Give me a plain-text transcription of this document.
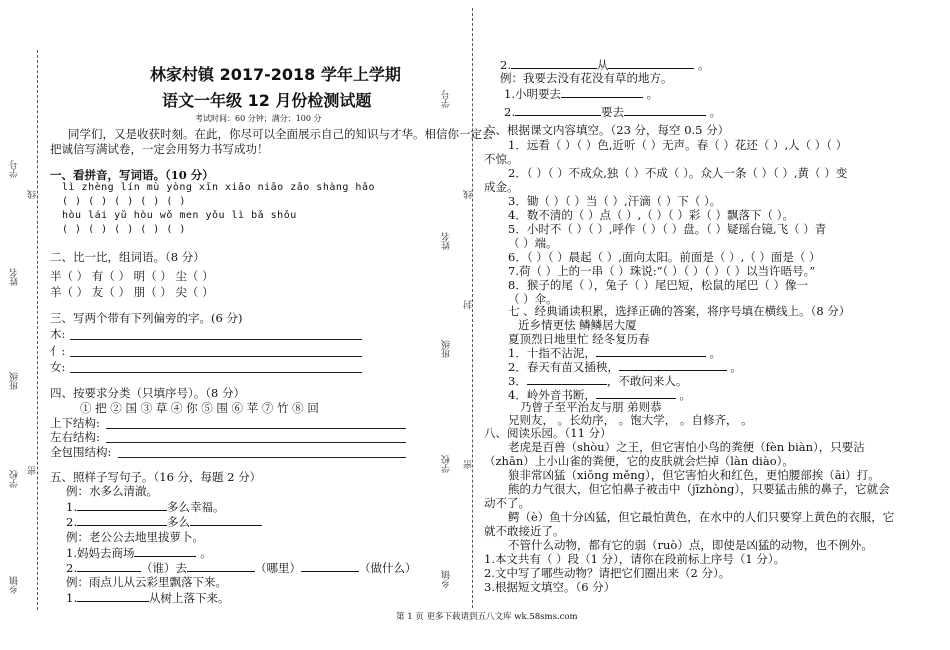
学号
线
姓名
班级
学校 密
乡镇
学号
线
姓名
封
班级
学校
乡镇
密
林家村镇 2017-2018 学年上学期
语文一年级 12 月份检测试题
考试时间：60 分钟；满分：100 分
同学们，又是收获时刻。在此，你尽可以全面展示自己的知识与才华。相信你一定会
把诚信写满试卷，一定会用努力书写成功！
一、看拼音，写词语。（10 分）
lì zhèng lín mù yòng xīn xiǎo niǎo zǎo shàng hǎo
( ) ( ) ( ) ( ) ( )
hòu lái yǔ hòu wǒ men yǒu lì bǎ shǒu
( ) ( ) ( ) ( ) ( )
二、比一比，组词语。（8 分）
半（ ） 有（ ） 明（ ） 尘（ ）
羊（ ） 友（ ） 朋（ ） 尖（ ）
三、写两个带有下列偏旁的字。(6 分)
木:
亻:
女:
四、按要求分类（只填序号）。（8 分）
① 把 ② 国 ③ 草 ④ 你 ⑤ 围 ⑥ 苹 ⑦ 竹 ⑧ 回
上下结构:
左右结构:
全包围结构:
五、照样子写句子。（16 分，每题 2 分）
例：水多么清澈。
1.	多么幸福。
2.	多么
例：老公公去地里拔萝卜。
1.妈妈去商场	。
2.	（谁）去	（哪里）	（做什么）
例：雨点儿从云彩里飘落下来。
1.	从树上落下来。
2.	从	。
例：我要去没有花没有草的地方。
1.小明要去	。
2.	要去	。
六、根据课文内容填空。（23 分，每空 0.5 分）
1．远看（ ）（ ）色,近听（ ）无声。春（ ）花还（ ）,人（ ）（ ）
不惊。
2．（ ）（ ）不成众,独（ ）不成（ ）。众人一条（ ）（ ）,黄（ ）变
成金。
3．锄（ ）（ ）当（ ）,汗滴（ ）下（ ）。
4．数不清的（ ）点（ ）,（ ）（ ）彩（ ）飘落下（ ）。
5．小时不（ ）（ ）,呼作（ ）（ ）盘。（ ）疑瑶台镜,飞（ ）青
（ ）端。
6．（ ）（ ）晨起（ ）,面向太阳。前面是（ ）,（ ）面是（ ）
7.荷（ ）上的一串（ ）珠说:“（ ）（ ）（ ）（ ）以当许晤号。”
8．猴子的尾（ ），兔子（ ）尾巴短，松鼠的尾巴（ ）像一
（ ）伞。
七 、经典诵读积累，选择正确的答案，将序号填在横线上。（8 分）
近乡情更怯 鳞鳞居大厦
夏顶烈日地里忙 经冬复历春
1．十指不沾泥，	。
2．春天有苗又插秧，	。
3．	，不敢问来人。
4．岭外音书断，	。
乃曾子至平治友与朋 弟则恭
兄则友， 。长幼序， 。饱大学， 。自修齐， 。
八、阅读乐园。（11 分）
老虎是百兽（shòu）之王，但它害怕小鸟的粪便（fèn biàn），只要沾
（zhān）上小山雀的粪便，它的皮肤就会烂掉（làn diào）。
狼非常凶猛（xiōng měng），但它害怕火和红色，更怕腰部挨（āi）打。
熊的力气很大，但它怕鼻子被击中（jīzhòng），只要猛击熊的鼻子，它就会
动不了。
鳄（è）鱼十分凶猛，但它最怕黄色，在水中的人们只要穿上黄色的衣服，它
就不敢接近了。
不管什么动物，都有它的弱（ruò）点，即使是凶猛的动物，也不例外。
1.本文共有（ ）段（1 分），请你在段前标上序号（1 分）。
2.文中写了哪些动物？请把它们圈出来（2 分）。
3.根据短文填空。（6 分）
第 1 页 更多下载请到五八文库 wk.58sms.com
